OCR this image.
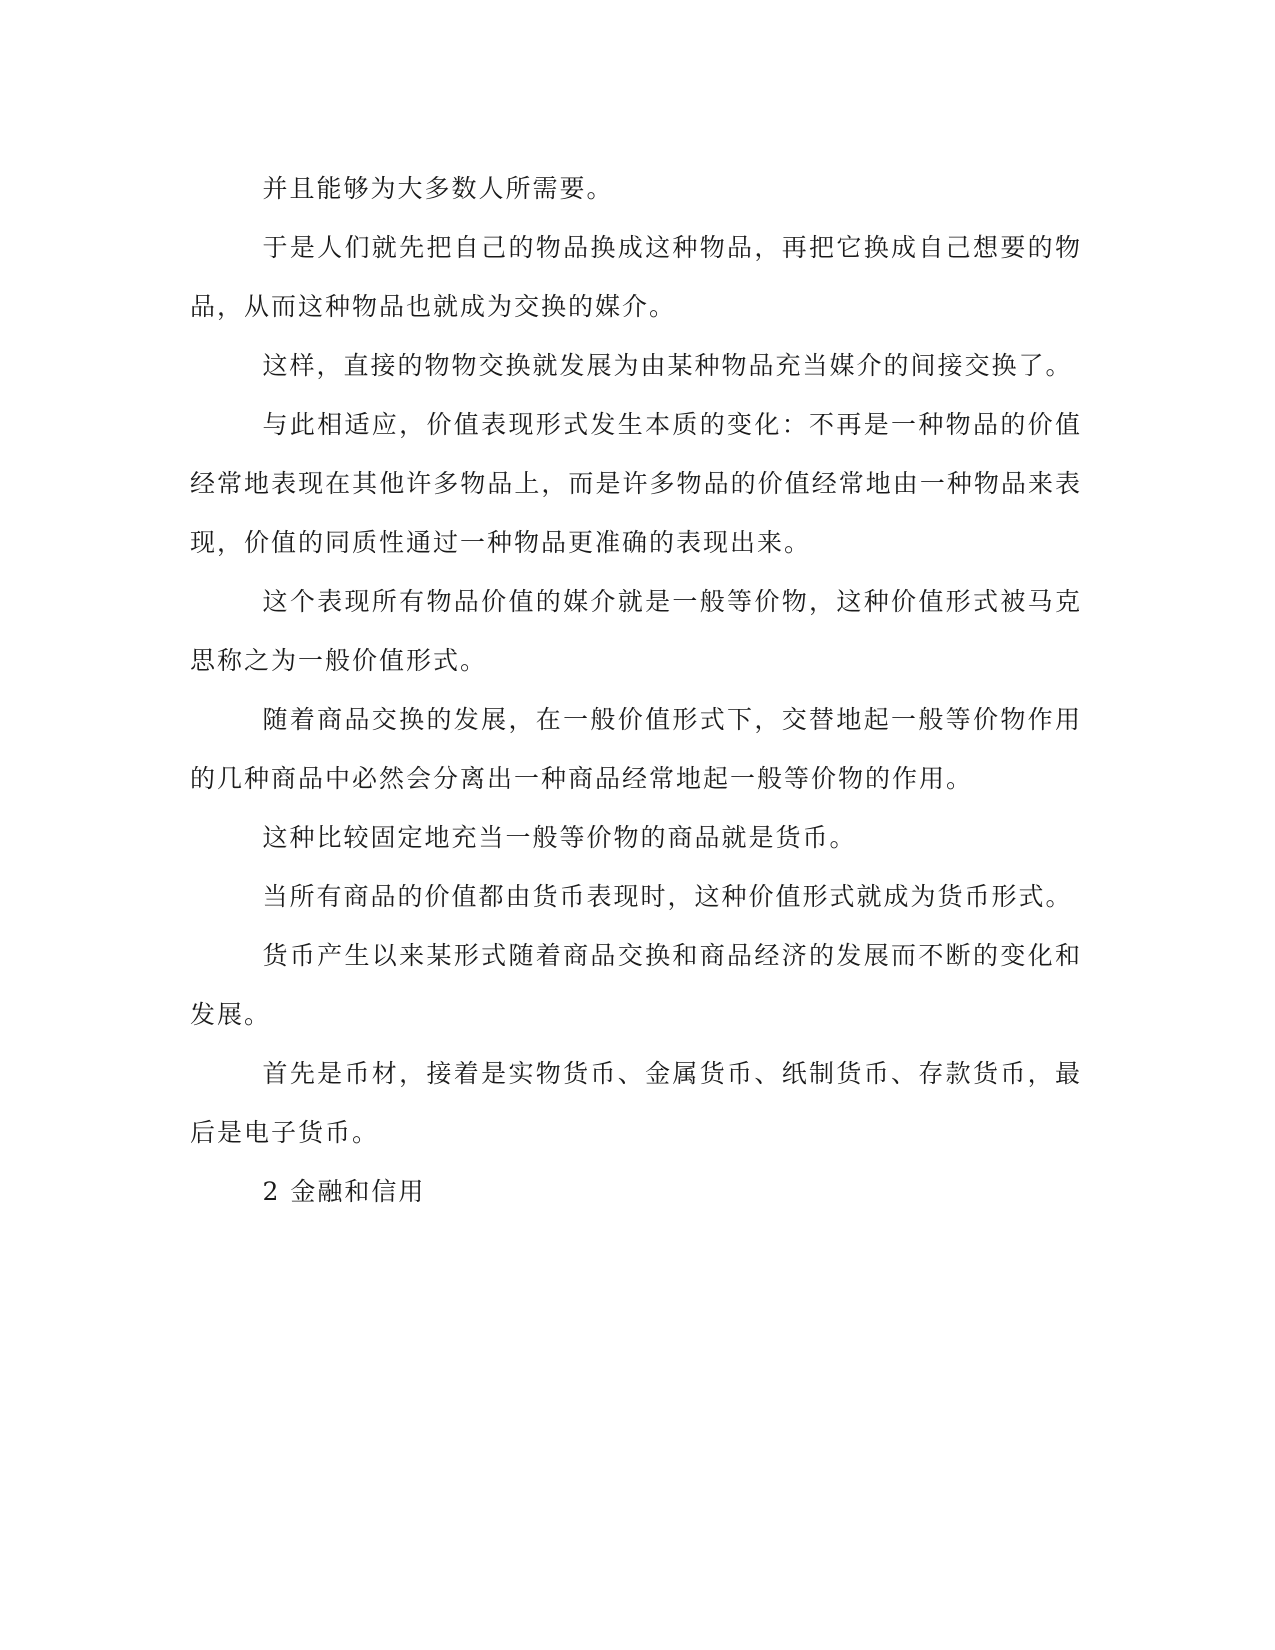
并且能够为大多数人所需要。

于是人们就先把自己的物品换成这种物品，再把它换成自己想要的物品，从而这种物品也就成为交换的媒介。

这样，直接的物物交换就发展为由某种物品充当媒介的间接交换了。

与此相适应，价值表现形式发生本质的变化：不再是一种物品的价值经常地表现在其他许多物品上，而是许多物品的价值经常地由一种物品来表现，价值的同质性通过一种物品更准确的表现出来。

这个表现所有物品价值的媒介就是一般等价物，这种价值形式被马克思称之为一般价值形式。

随着商品交换的发展，在一般价值形式下，交替地起一般等价物作用的几种商品中必然会分离出一种商品经常地起一般等价物的作用。

这种比较固定地充当一般等价物的商品就是货币。

当所有商品的价值都由货币表现时，这种价值形式就成为货币形式。

货币产生以来某形式随着商品交换和商品经济的发展而不断的变化和发展。

首先是币材，接着是实物货币、金属货币、纸制货币、存款货币，最后是电子货币。

2 金融和信用
